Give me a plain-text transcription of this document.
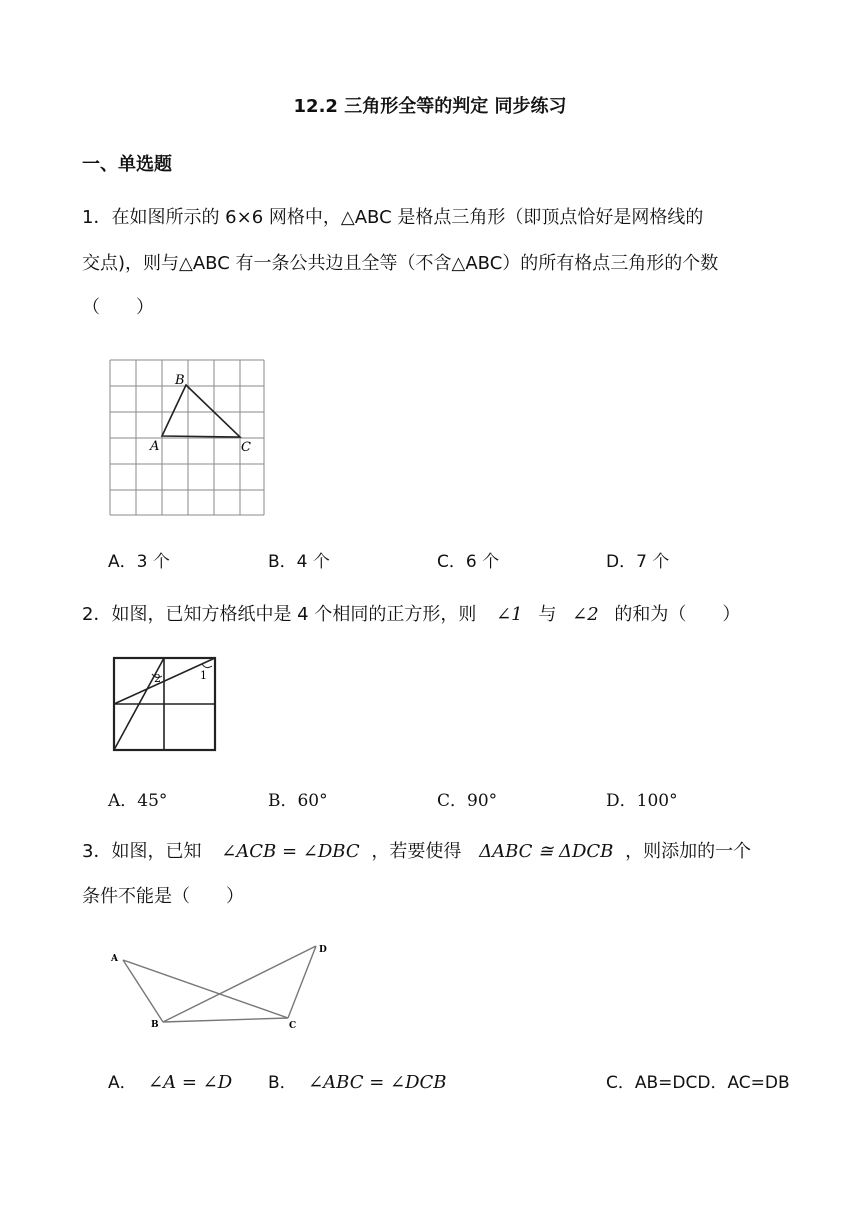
12.2 三角形全等的判定 同步练习
一、单选题
1．在如图所示的 6×6 网格中，△ABC 是格点三角形（即顶点恰好是网格线的
交点)，则与△ABC 有一条公共边且全等（不含△ABC）的所有格点三角形的个数
（　　）
A
B
C
A．3 个	B．4 个	C．6 个	D．7 个
2．如图，已知方格纸中是 4 个相同的正方形，则 ∠1 与 ∠2 的和为（　　）
1
2
A．45°	B．60°	C．90°	D．100°
3．如图，已知 ∠ACB = ∠DBC ，若要使得 ΔABC ≅ ΔDCB ，则添加的一个
条件不能是（　　）
A
B	C
D
A． ∠A = ∠D B． ∠ABC = ∠DCB	C．AB=DCD．AC=DB
